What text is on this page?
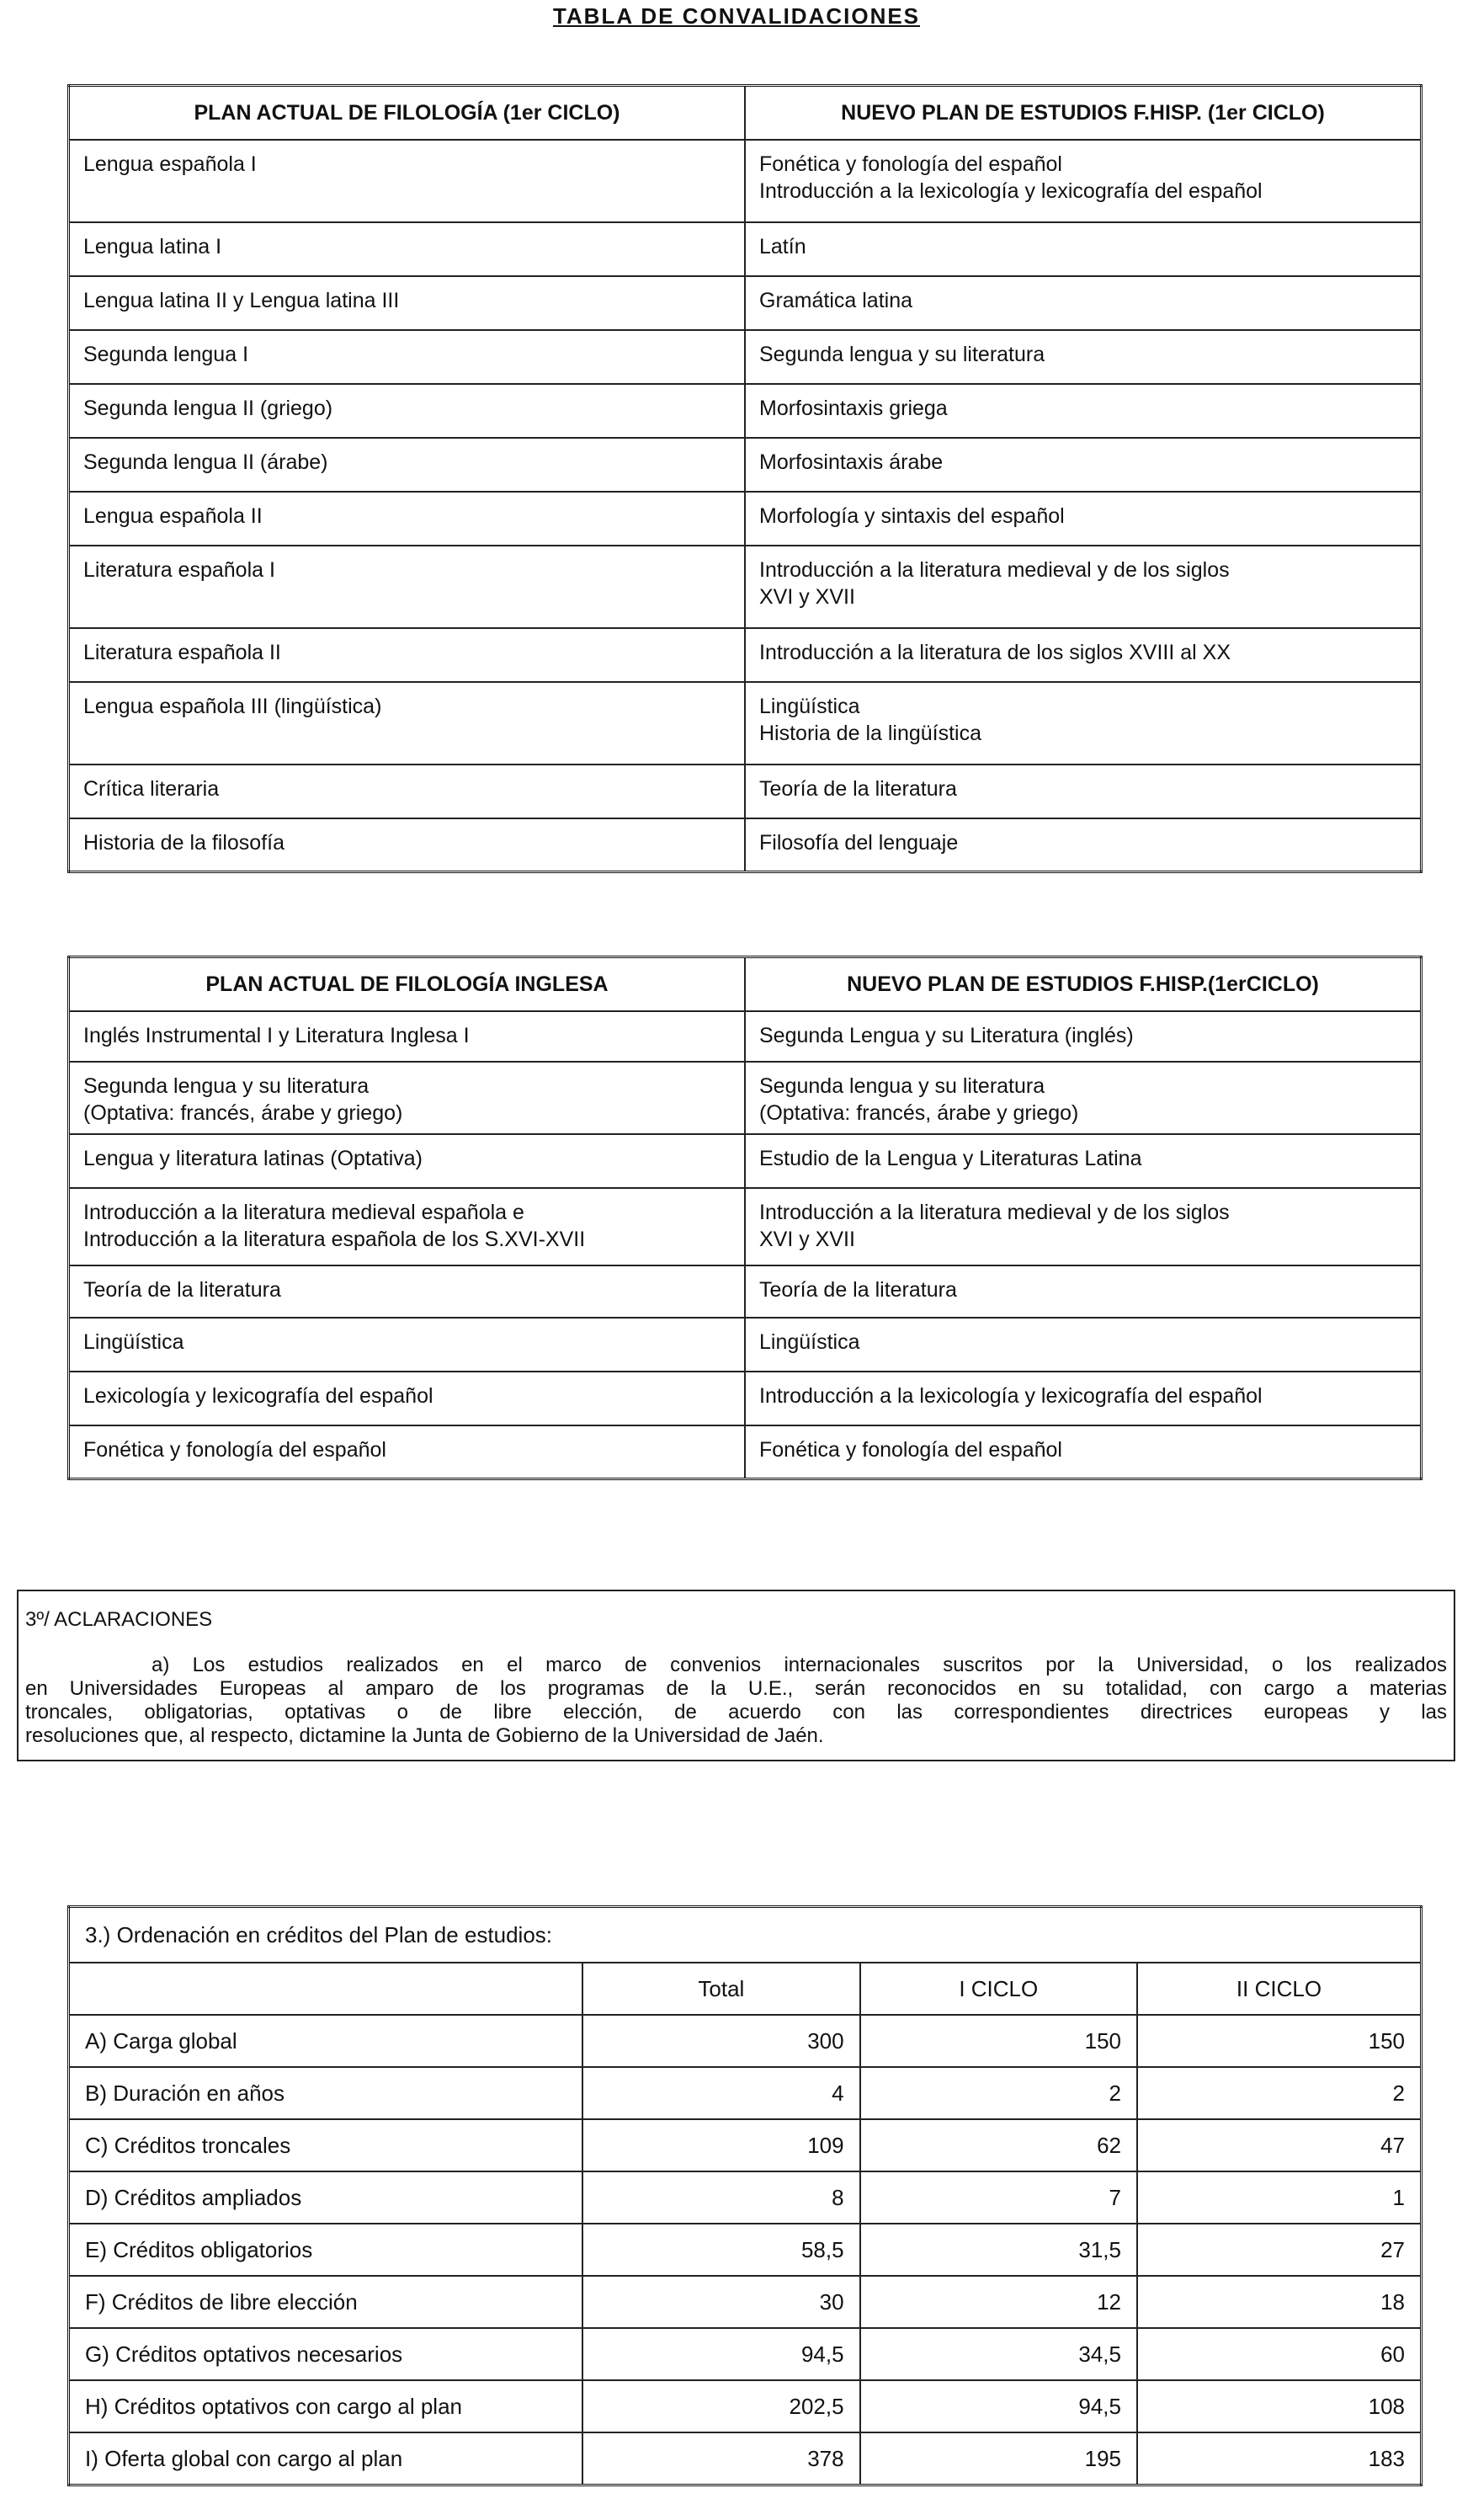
TABLA DE CONVALIDACIONES
PLAN ACTUAL DE FILOLOGÍA (1er CICLO)	NUEVO PLAN DE ESTUDIOS F.HISP. (1er CICLO)

Lengua española I	Fonética y fonología del español
Introducción a la lexicología y lexicografía del español

Lengua latina I	Latín

Lengua latina II y Lengua latina III	Gramática latina

Segunda lengua I	Segunda lengua y su literatura

Segunda lengua II (griego)	Morfosintaxis griega

Segunda lengua II (árabe)	Morfosintaxis árabe

Lengua española II	Morfología y sintaxis del español

Literatura española I	Introducción a la literatura medieval y de los siglos
XVI y XVII

Literatura española II	Introducción a la literatura de los siglos XVIII al XX

Lengua española III (lingüística)	Lingüística
Historia de la lingüística

Crítica literaria	Teoría de la literatura

Historia de la filosofía	Filosofía del lenguaje
PLAN ACTUAL DE FILOLOGÍA INGLESA	NUEVO PLAN DE ESTUDIOS F.HISP.(1erCICLO)

Inglés Instrumental I y Literatura Inglesa I	Segunda Lengua y su Literatura (inglés)

Segunda lengua y su literatura
(Optativa: francés, árabe y griego)	Segunda lengua y su literatura
(Optativa: francés, árabe y griego)

Lengua y literatura latinas (Optativa)	Estudio de la Lengua y Literaturas Latina

Introducción a la literatura medieval española e
Introducción a la literatura española de los S.XVI-XVII	Introducción a la literatura medieval y de los siglos
XVI y XVII

Teoría de la literatura	Teoría de la literatura

Lingüística	Lingüística

Lexicología y lexicografía del español	Introducción a la lexicología y lexicografía del español

Fonética y fonología del español	Fonética y fonología del español
3º/ ACLARACIONES
a) Los estudios realizados en el marco de convenios internacionales suscritos por la Universidad, o los realizados
en Universidades Europeas al amparo de los programas de la U.E., serán reconocidos en su totalidad, con cargo a materias
troncales, obligatorias, optativas o de libre elección, de acuerdo con las correspondientes directrices europeas y las
resoluciones que, al respecto, dictamine la Junta de Gobierno de la Universidad de Jaén.
3.) Ordenación en créditos del Plan de estudios:			
	Total	I CICLO	II CICLO
A) Carga global	300	150	150
B) Duración en años	4	2	2
C) Créditos troncales	109	62	47
D) Créditos ampliados	8	7	1
E) Créditos obligatorios	58,5	31,5	27
F) Créditos de libre elección	30	12	18
G) Créditos optativos necesarios	94,5	34,5	60
H) Créditos optativos con cargo al plan	202,5	94,5	108
I) Oferta global con cargo al plan	378	195	183
